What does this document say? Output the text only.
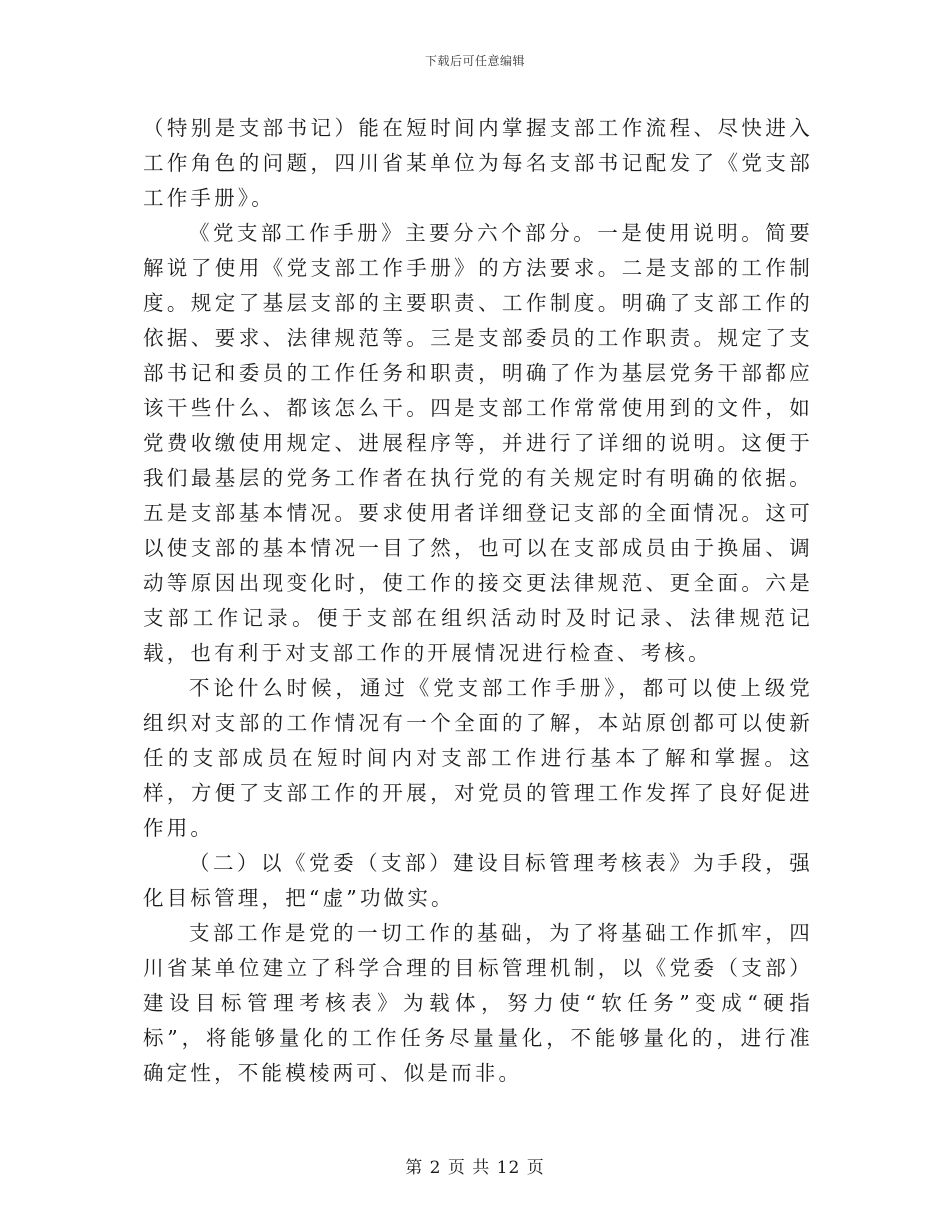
下载后可任意编辑

（特别是支部书记）能在短时间内掌握支部工作流程、尽快进入工作角色的问题，四川省某单位为每名支部书记配发了《党支部工作手册》。

《党支部工作手册》主要分六个部分。一是使用说明。简要解说了使用《党支部工作手册》的方法要求。二是支部的工作制度。规定了基层支部的主要职责、工作制度。明确了支部工作的依据、要求、法律规范等。三是支部委员的工作职责。规定了支部书记和委员的工作任务和职责，明确了作为基层党务干部都应该干些什么、都该怎么干。四是支部工作常常使用到的文件，如党费收缴使用规定、进展程序等，并进行了详细的说明。这便于我们最基层的党务工作者在执行党的有关规定时有明确的依据。五是支部基本情况。要求使用者详细登记支部的全面情况。这可以使支部的基本情况一目了然，也可以在支部成员由于换届、调动等原因出现变化时，使工作的接交更法律规范、更全面。六是支部工作记录。便于支部在组织活动时及时记录、法律规范记载，也有利于对支部工作的开展情况进行检查、考核。

不论什么时候，通过《党支部工作手册》，都可以使上级党组织对支部的工作情况有一个全面的了解，本站原创都可以使新任的支部成员在短时间内对支部工作进行基本了解和掌握。这样，方便了支部工作的开展，对党员的管理工作发挥了良好促进作用。

（二）以《党委（支部）建设目标管理考核表》为手段，强化目标管理，把“虚”功做实。

支部工作是党的一切工作的基础，为了将基础工作抓牢，四川省某单位建立了科学合理的目标管理机制，以《党委（支部）建设目标管理考核表》为载体，努力使“软任务”变成“硬指标”，将能够量化的工作任务尽量量化，不能够量化的，进行准确定性，不能模棱两可、似是而非。

第 2 页 共 12 页
